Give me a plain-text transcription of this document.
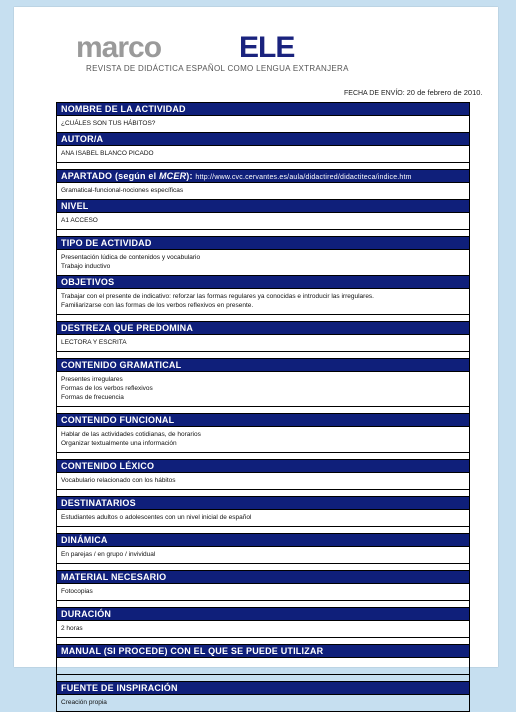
marco	ELE
REVISTA DE DIDÁCTICA ESPAÑOL COMO LENGUA EXTRANJERA
FECHA DE ENVÍO: 20 de febrero de 2010.
NOMBRE DE LA ACTIVIDAD
¿CUÁLES SON TUS HÁBITOS?
AUTOR/A
ANA ISABEL BLANCO PICADO
APARTADO (según el MCER): http://www.cvc.cervantes.es/aula/didactired/didactiteca/indice.htm
Gramatical-funcional-nociones específicas
NIVEL
A1 ACCESO
TIPO DE ACTIVIDAD
Presentación lúdica de contenidos y vocabulario
Trabajo inductivo
OBJETIVOS
Trabajar con el presente de indicativo: reforzar las formas regulares ya conocidas e introducir las irregulares.
Familiarizarse con las formas de los verbos reflexivos en presente.
DESTREZA QUE PREDOMINA
LECTORA Y ESCRITA
CONTENIDO GRAMATICAL
Presentes irregulares
Formas de los verbos reflexivos
Formas de frecuencia
CONTENIDO FUNCIONAL
Hablar de las actividades cotidianas, de horarios
Organizar textualmente una información
CONTENIDO LÉXICO
Vocabulario relacionado con los hábitos
DESTINATARIOS
Estudiantes adultos o adolescentes con un nivel inicial de español
DINÁMICA
En parejas / en grupo / invividual
MATERIAL NECESARIO
Fotocopias
DURACIÓN
2 horas
MANUAL (SI PROCEDE) CON EL QUE SE PUEDE UTILIZAR
FUENTE DE INSPIRACIÓN
Creación propia
